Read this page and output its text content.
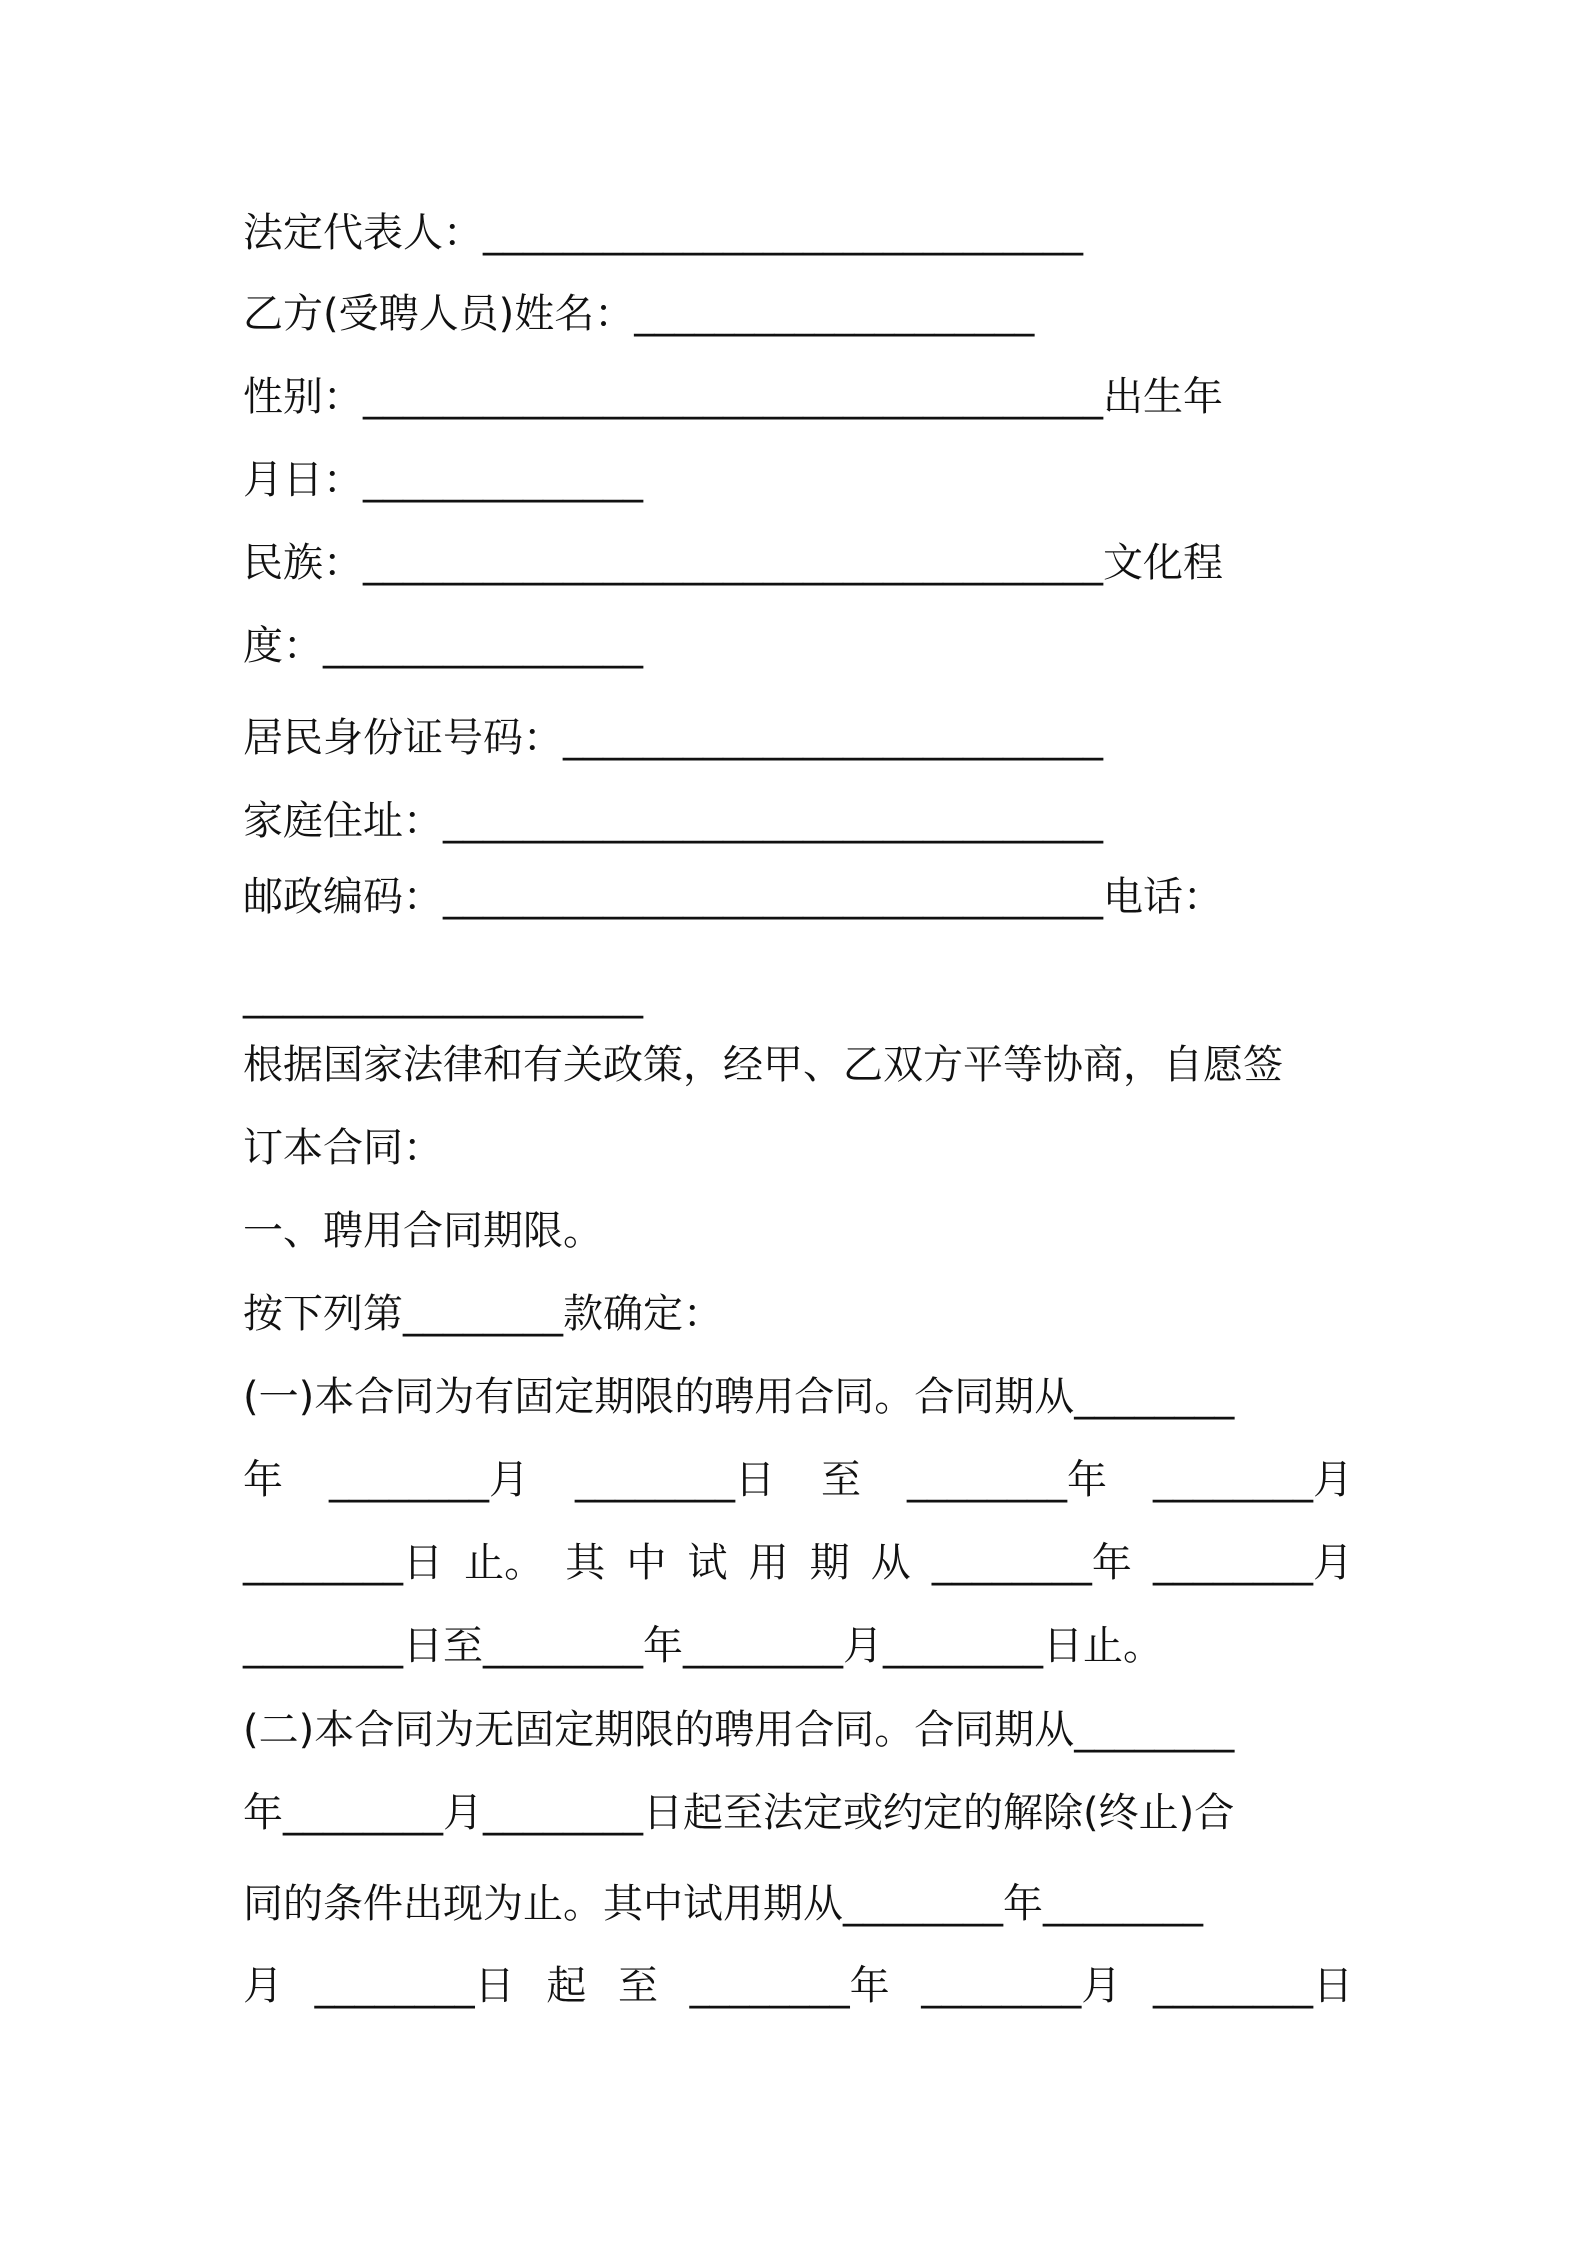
法定代表人：______________________________
乙方(受聘人员)姓名：____________________
性别：_____________________________________出生年
月日：______________
民族：_____________________________________文化程
度：________________
居民身份证号码：___________________________
家庭住址：_________________________________
邮政编码：_________________________________电话：
____________________
根据国家法律和有关政策，经甲、乙双方平等协商，自愿签
订本合同：
一、聘用合同期限。
按下列第________款确定：
(一)本合同为有固定期限的聘用合同。合同期从________
年 ________月 ________日 至 ________年 ________月
________日 止。 其 中 试 用 期 从 ________年 ________月
________日至________年________月________日止。
(二)本合同为无固定期限的聘用合同。合同期从________
年________月________日起至法定或约定的解除(终止)合
同的条件出现为止。其中试用期从________年________
月 ________日 起 至 ________年 ________月 ________日
